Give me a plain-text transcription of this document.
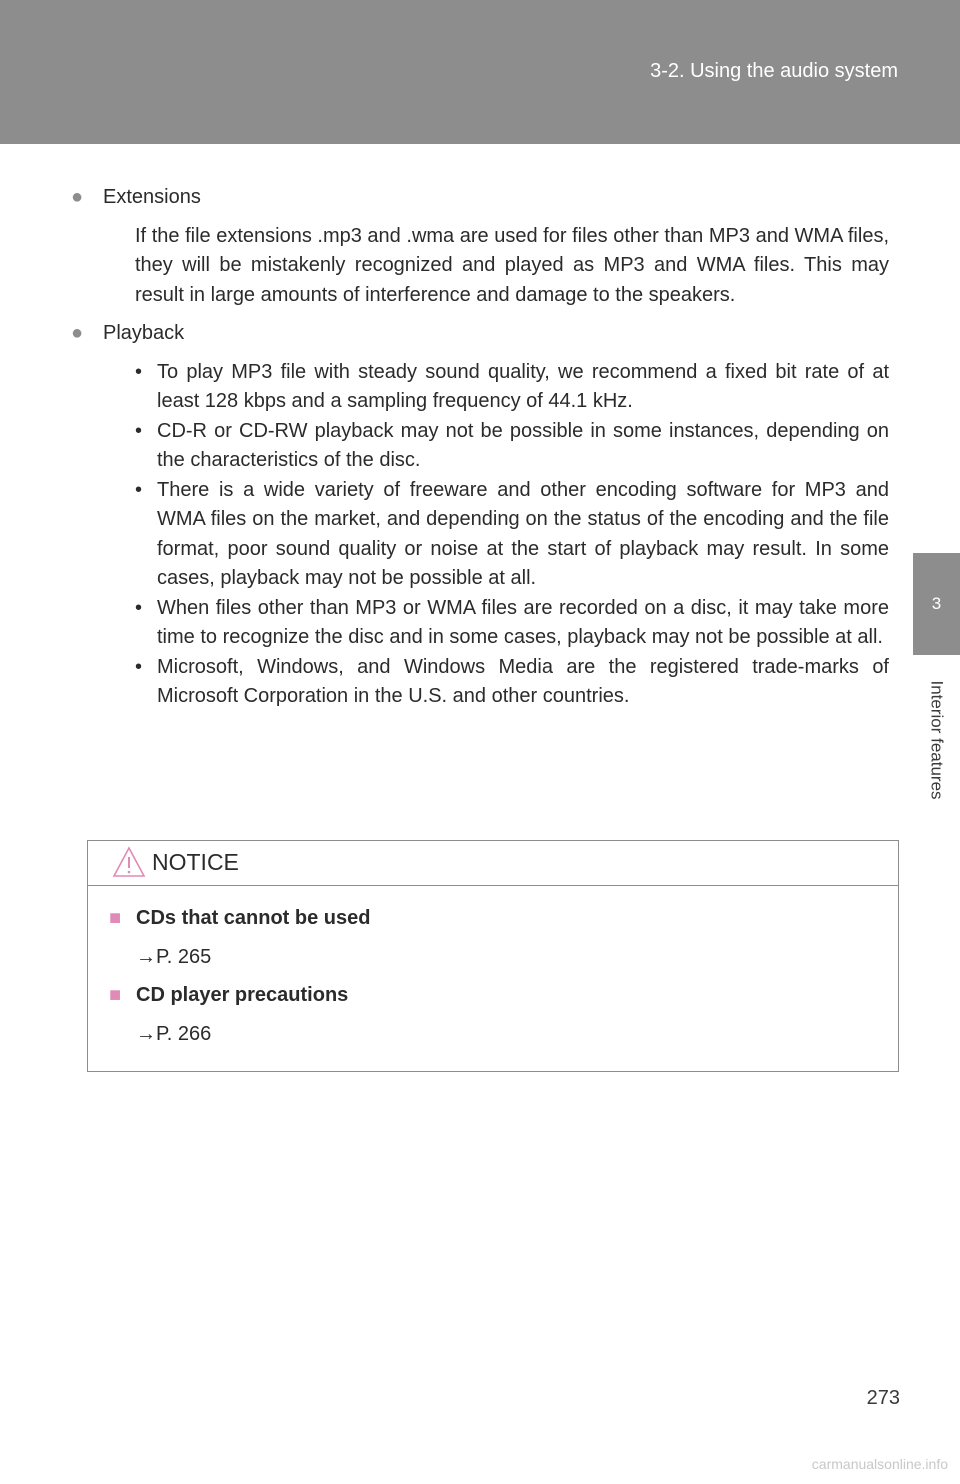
3-2. Using the audio system
3
Interior features
● Extensions

If the file extensions .mp3 and .wma are used for files other than MP3 and WMA files, they will be mistakenly recognized and played as MP3 and WMA files. This may result in large amounts of interference and damage to the speakers.

● Playback
• To play MP3 file with steady sound quality, we recommend a fixed bit rate of at least 128 kbps and a sampling frequency of 44.1 kHz.
• CD-R or CD-RW playback may not be possible in some instances, depending on the characteristics of the disc.
• There is a wide variety of freeware and other encoding software for MP3 and WMA files on the market, and depending on the status of the encoding and the file format, poor sound quality or noise at the start of playback may result. In some cases, playback may not be possible at all.
• When files other than MP3 or WMA files are recorded on a disc, it may take more time to recognize the disc and in some cases, playback may not be possible at all.
• Microsoft, Windows, and Windows Media are the registered trade-marks of Microsoft Corporation in the U.S. and other countries.
NOTICE
■ CDs that cannot be used
→P. 265
■ CD player precautions
→P. 266
273
carmanualsonline.info
